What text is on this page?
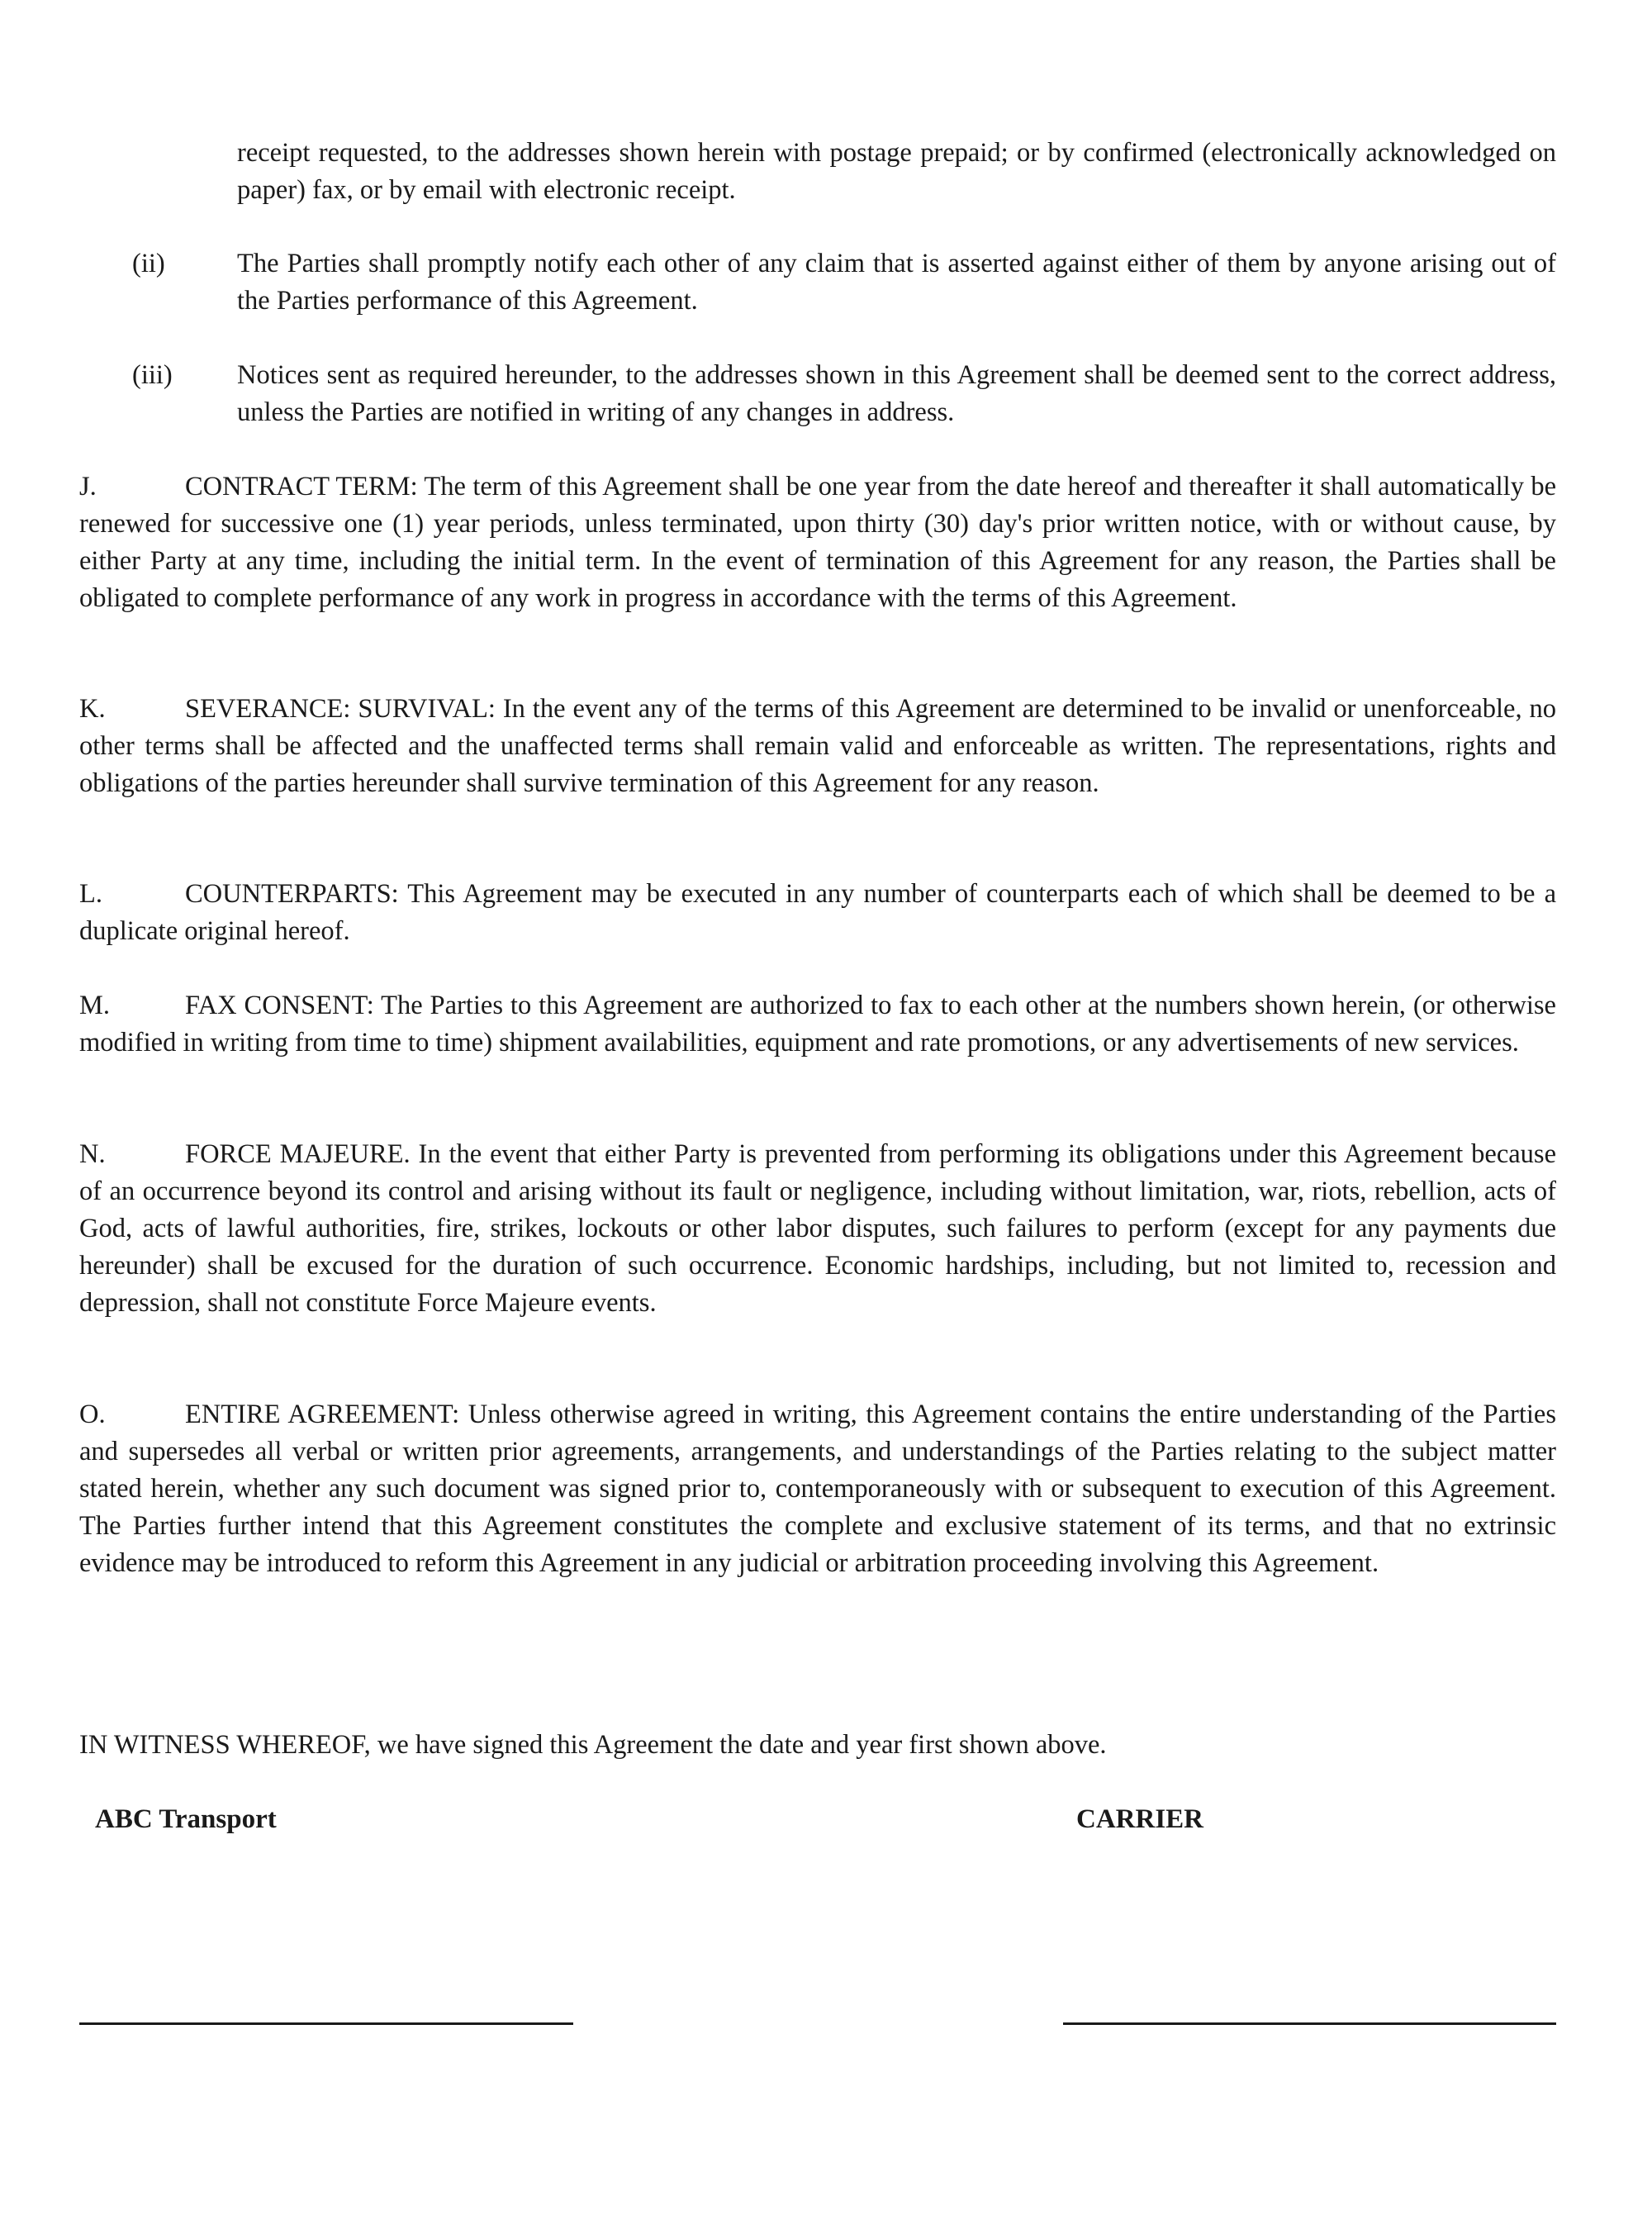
receipt requested, to the addresses shown herein with postage prepaid; or by confirmed (electronically acknowledged on paper) fax, or by email with electronic receipt.
(ii)	The Parties shall promptly notify each other of any claim that is asserted against either of them by anyone arising out of the Parties performance of this Agreement.
(iii)	Notices sent as required hereunder, to the addresses shown in this Agreement shall be deemed sent to the correct address, unless the Parties are notified in writing of any changes in address.
J.	CONTRACT TERM: The term of this Agreement shall be one year from the date hereof and thereafter it shall automatically be renewed for successive one (1) year periods, unless terminated, upon thirty (30) day's prior written notice, with or without cause, by either Party at any time, including the initial term. In the event of termination of this Agreement for any reason, the Parties shall be obligated to complete performance of any work in progress in accordance with the terms of this Agreement.
K.	SEVERANCE: SURVIVAL: In the event any of the terms of this Agreement are determined to be invalid or unenforceable, no other terms shall be affected and the unaffected terms shall remain valid and enforceable as written. The representations, rights and obligations of the parties hereunder shall survive termination of this Agreement for any reason.
L.	COUNTERPARTS: This Agreement may be executed in any number of counterparts each of which shall be deemed to be a duplicate original hereof.
M.	FAX CONSENT: The Parties to this Agreement are authorized to fax to each other at the numbers shown herein, (or otherwise modified in writing from time to time) shipment availabilities, equipment and rate promotions, or any advertisements of new services.
N.	FORCE MAJEURE. In the event that either Party is prevented from performing its obligations under this Agreement because of an occurrence beyond its control and arising without its fault or negligence, including without limitation, war, riots, rebellion, acts of God, acts of lawful authorities, fire, strikes, lockouts or other labor disputes, such failures to perform (except for any payments due hereunder) shall be excused for the duration of such occurrence. Economic hardships, including, but not limited to, recession and depression, shall not constitute Force Majeure events.
O.	ENTIRE AGREEMENT: Unless otherwise agreed in writing, this Agreement contains the entire understanding of the Parties and supersedes all verbal or written prior agreements, arrangements, and understandings of the Parties relating to the subject matter stated herein, whether any such document was signed prior to, contemporaneously with or subsequent to execution of this Agreement. The Parties further intend that this Agreement constitutes the complete and exclusive statement of its terms, and that no extrinsic evidence may be introduced to reform this Agreement in any judicial or arbitration proceeding involving this Agreement.
IN WITNESS WHEREOF, we have signed this Agreement the date and year first shown above.
ABC Transport	CARRIER
